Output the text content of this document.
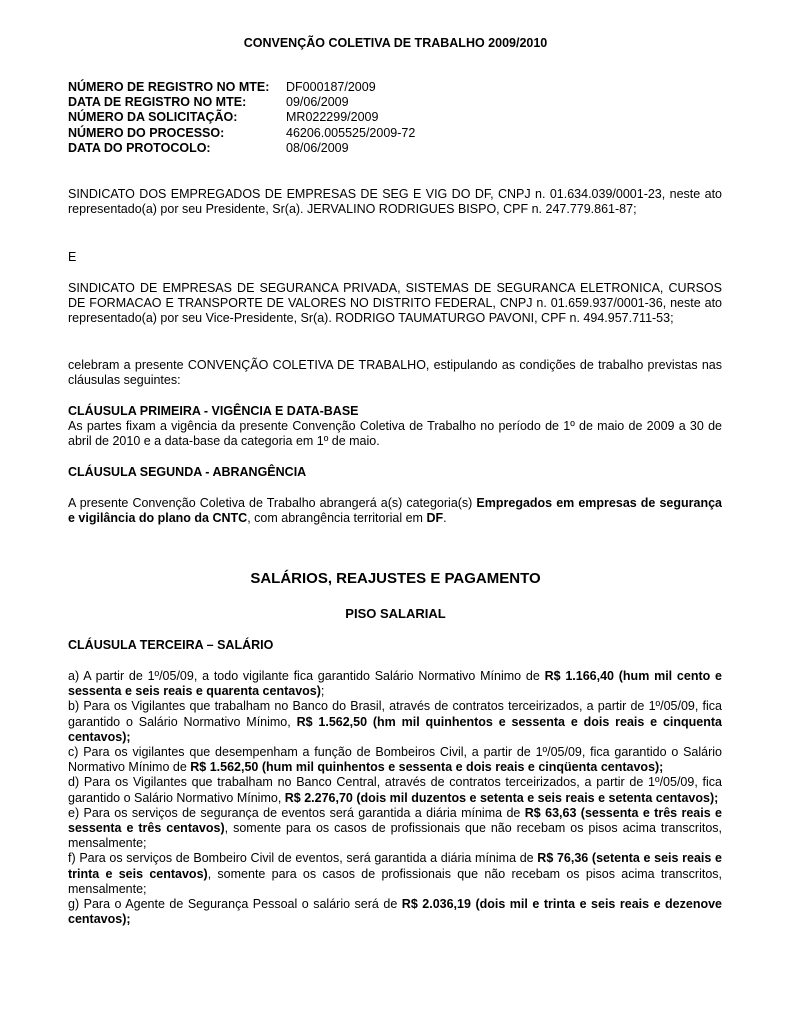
CONVENÇÃO COLETIVA DE TRABALHO 2009/2010
NÚMERO DE REGISTRO NO MTE:	DF000187/2009
DATA DE REGISTRO NO MTE:	09/06/2009
NÚMERO DA SOLICITAÇÃO:	MR022299/2009
NÚMERO DO PROCESSO:	46206.005525/2009-72
DATA DO PROTOCOLO:	08/06/2009

SINDICATO DOS EMPREGADOS DE EMPRESAS DE SEG E VIG DO DF, CNPJ n. 01.634.039/0001-23, neste ato representado(a) por seu Presidente, Sr(a). JERVALINO RODRIGUES BISPO, CPF n. 247.779.861-87;

E

SINDICATO DE EMPRESAS DE SEGURANCA PRIVADA, SISTEMAS DE SEGURANCA ELETRONICA, CURSOS DE FORMACAO E TRANSPORTE DE VALORES NO DISTRITO FEDERAL, CNPJ n. 01.659.937/0001-36, neste ato representado(a) por seu Vice-Presidente, Sr(a). RODRIGO TAUMATURGO PAVONI, CPF n. 494.957.711-53;

celebram a presente CONVENÇÃO COLETIVA DE TRABALHO, estipulando as condições de trabalho previstas nas cláusulas seguintes:

CLÁUSULA PRIMEIRA - VIGÊNCIA E DATA-BASE

As partes fixam a vigência da presente Convenção Coletiva de Trabalho no período de 1º de maio de 2009 a 30 de abril de 2010 e a data-base da categoria em 1º de maio.

CLÁUSULA SEGUNDA - ABRANGÊNCIA

A presente Convenção Coletiva de Trabalho abrangerá a(s) categoria(s) Empregados em empresas de segurança e vigilância do plano da CNTC, com abrangência territorial em DF.

SALÁRIOS, REAJUSTES E PAGAMENTO
PISO SALARIAL
CLÁUSULA TERCEIRA – SALÁRIO

a) A partir de 1º/05/09, a todo vigilante fica garantido Salário Normativo Mínimo de R$ 1.166,40 (hum mil cento e sessenta e seis reais e quarenta centavos);

b) Para os Vigilantes que trabalham no Banco do Brasil, através de contratos terceirizados, a partir de 1º/05/09, fica garantido o Salário Normativo Mínimo, R$ 1.562,50 (hm mil quinhentos e sessenta e dois reais e cinquenta centavos);

c) Para os vigilantes que desempenham a função de Bombeiros Civil, a partir de 1º/05/09, fica garantido o Salário Normativo Mínimo de R$ 1.562,50 (hum mil quinhentos e sessenta e dois reais e cinqüenta centavos);

d) Para os Vigilantes que trabalham no Banco Central, através de contratos terceirizados, a partir de 1º/05/09, fica garantido o Salário Normativo Mínimo, R$ 2.276,70 (dois mil duzentos e setenta e seis reais e setenta centavos);

e) Para os serviços de segurança de eventos será garantida a diária mínima de R$ 63,63 (sessenta e três reais e sessenta e três centavos), somente para os casos de profissionais que não recebam os pisos acima transcritos, mensalmente;

f) Para os serviços de Bombeiro Civil de eventos, será garantida a diária mínima de R$ 76,36 (setenta e seis reais e trinta e seis centavos), somente para os casos de profissionais que não recebam os pisos acima transcritos, mensalmente;

g) Para o Agente de Segurança Pessoal o salário será de R$ 2.036,19 (dois mil e trinta e seis reais e dezenove centavos);
